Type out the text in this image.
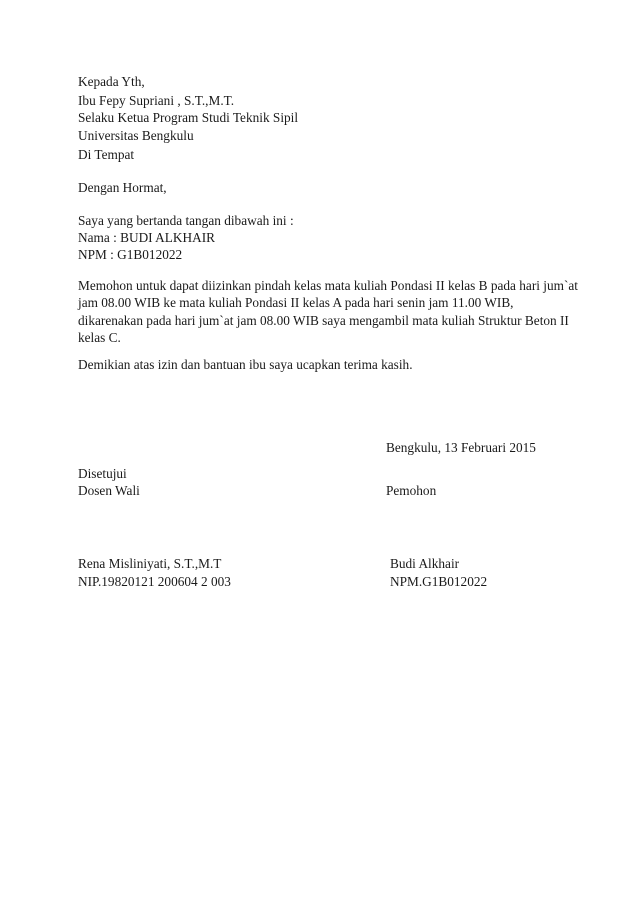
Kepada Yth,
Ibu Fepy Supriani , S.T.,M.T.
Selaku Ketua Program Studi Teknik Sipil
Universitas Bengkulu
Di Tempat
Dengan Hormat,
Saya yang bertanda tangan dibawah ini :
Nama : BUDI ALKHAIR
NPM : G1B012022
Memohon untuk dapat diizinkan pindah kelas mata kuliah Pondasi II kelas B pada hari jum`at
jam 08.00 WIB ke mata kuliah Pondasi II kelas A pada hari senin jam 11.00 WIB,
dikarenakan pada hari jum`at jam 08.00 WIB saya mengambil mata kuliah Struktur Beton II
kelas C.
Demikian atas izin dan bantuan ibu saya ucapkan terima kasih.
Bengkulu, 13 Februari 2015
Disetujui
Dosen Wali	Pemohon
Rena Misliniyati, S.T.,M.T	Budi Alkhair
NIP.19820121 200604 2 003	NPM.G1B012022
